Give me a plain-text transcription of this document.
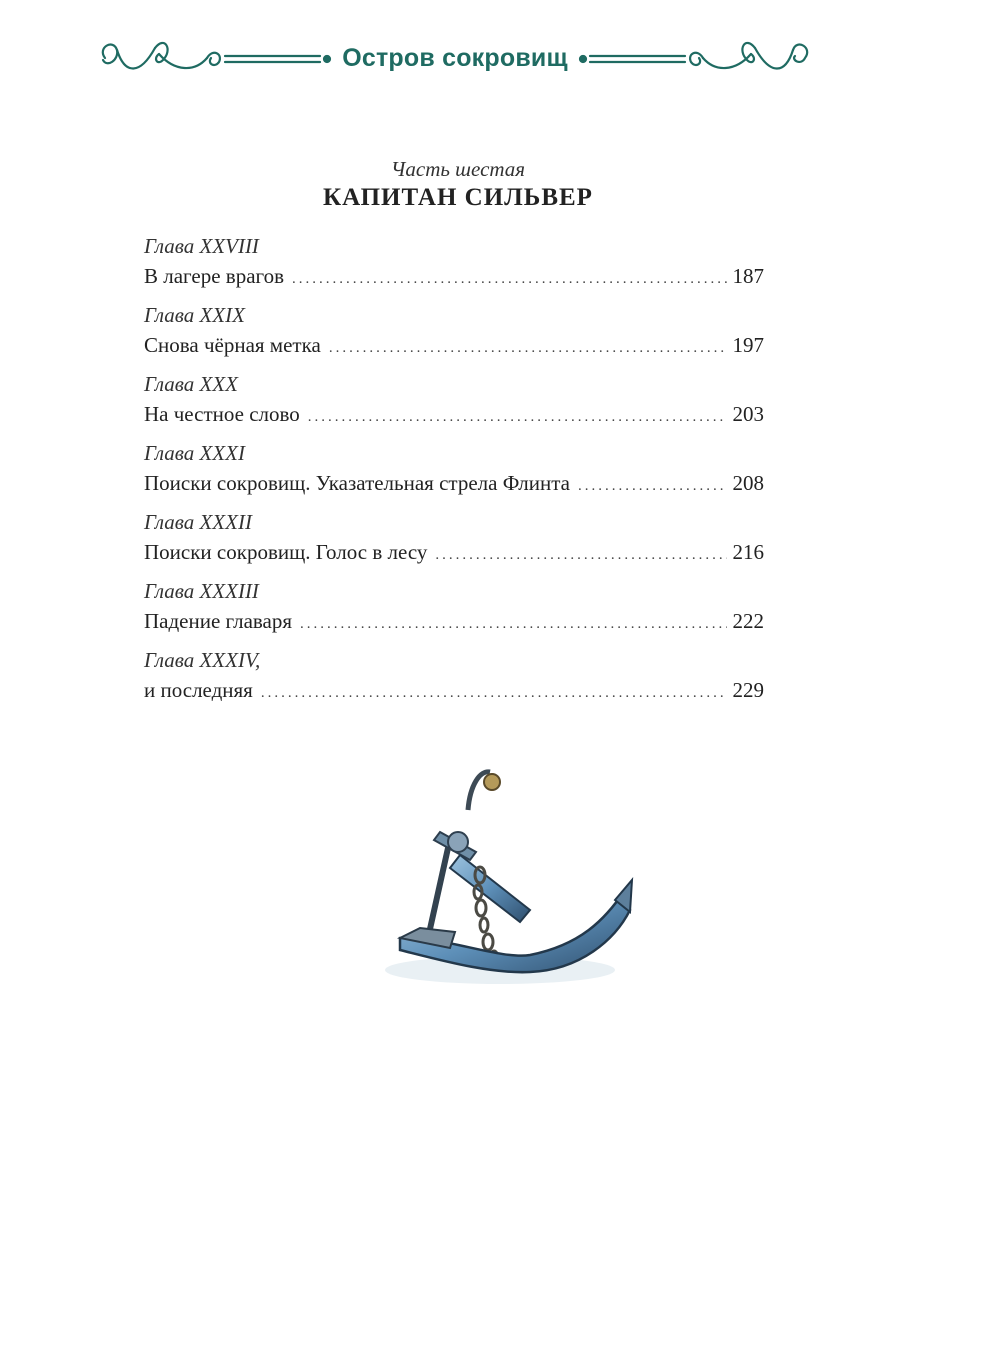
Остров сокровищ
Часть шестая
КАПИТАН СИЛЬВЕР
Глава XXVIII
В лагере врагов .....	187
Глава XXIX
Снова чёрная метка .....	197
Глава XXX
На честное слово .....	203
Глава XXXI
Поиски сокровищ. Указательная стрела Флинта .....	208
Глава XXXII
Поиски сокровищ. Голос в лесу .....	216
Глава XXXIII
Падение главаря .....	222
Глава XXXIV,
и последняя .....	229
